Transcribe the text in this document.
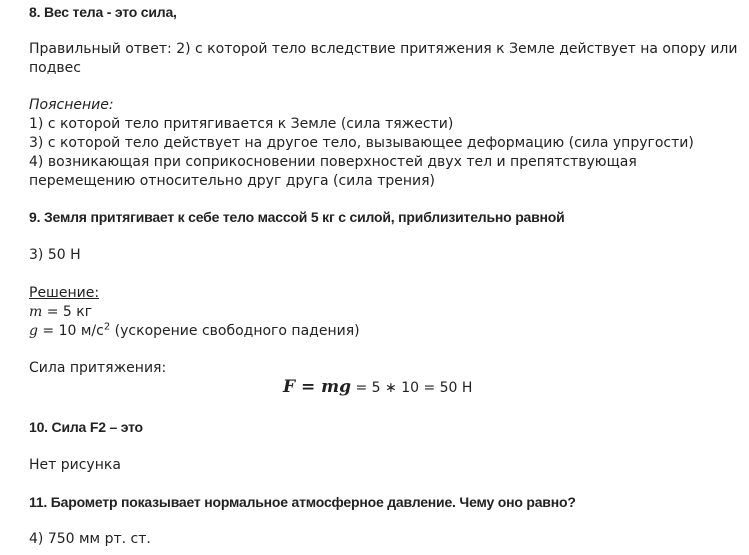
8. Вес тела - это сила,
Правильный ответ: 2) с которой тело вследствие притяжения к Земле действует на опору или
подвес
Пояснение:
1) с которой тело притягивается к Земле (сила тяжести)
3) с которой тело действует на другое тело, вызывающее деформацию (сила упругости)
4) возникающая при соприкосновении поверхностей двух тел и препятствующая
перемещению относительно друг друга (сила трения)
9. Земля притягивает к себе тело массой 5 кг с силой, приблизительно равной
3) 50 Н
Решение:
m = 5 кг
g = 10 $м/с^2$ (ускорение свободного падения)
Сила притяжения:
F = mg = 5 ∗ 10 = 50 Н
10. Сила F2 – это
Нет рисунка
11. Барометр показывает нормальное атмосферное давление. Чему оно равно?
4) 750 мм рт. ст.
